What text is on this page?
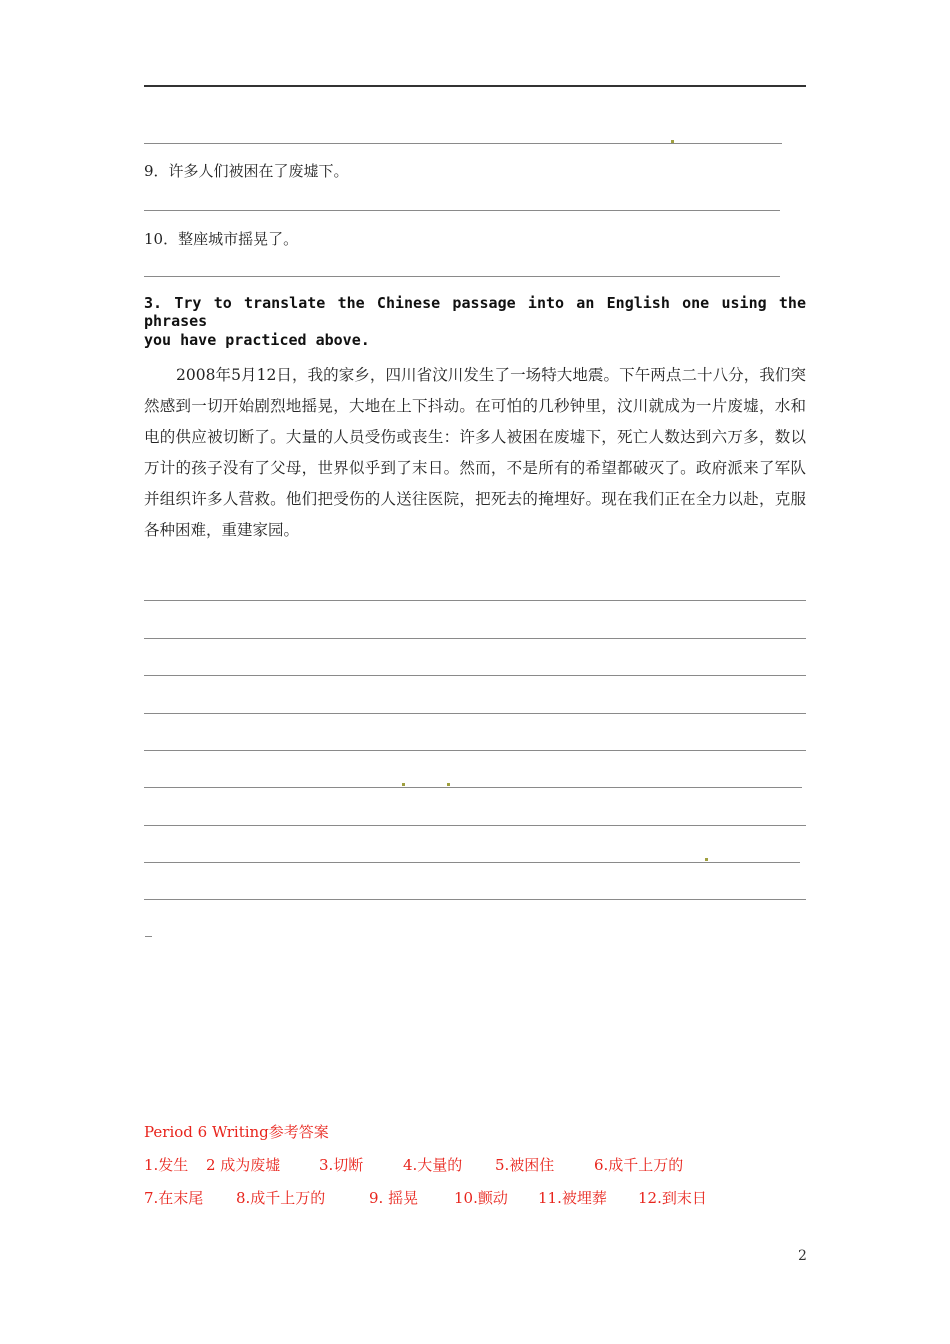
9．许多人们被困在了废墟下。
10．整座城市摇晃了。
3. Try to translate the Chinese passage into an English one using the phrases
you have practiced above.
2008年5月12日，我的家乡，四川省汶川发生了一场特大地震。下午两点二十八分，我们突然感到一切开始剧烈地摇晃，大地在上下抖动。在可怕的几秒钟里，汶川就成为一片废墟，水和电的供应被切断了。大量的人员受伤或丧生：许多人被困在废墟下，死亡人数达到六万多，数以万计的孩子没有了父母，世界似乎到了末日。然而，不是所有的希望都破灭了。政府派来了军队并组织许多人营救。他们把受伤的人送往医院，把死去的掩埋好。现在我们正在全力以赴，克服各种困难，重建家园。
Period 6 Writing参考答案
1.发生 2 成为废墟	3.切断	4.大量的 5.被困住	6.成千上万的
7.在末尾 8.成千上万的	9. 摇晃 10.颤动 11.被埋葬 12.到末日
2
